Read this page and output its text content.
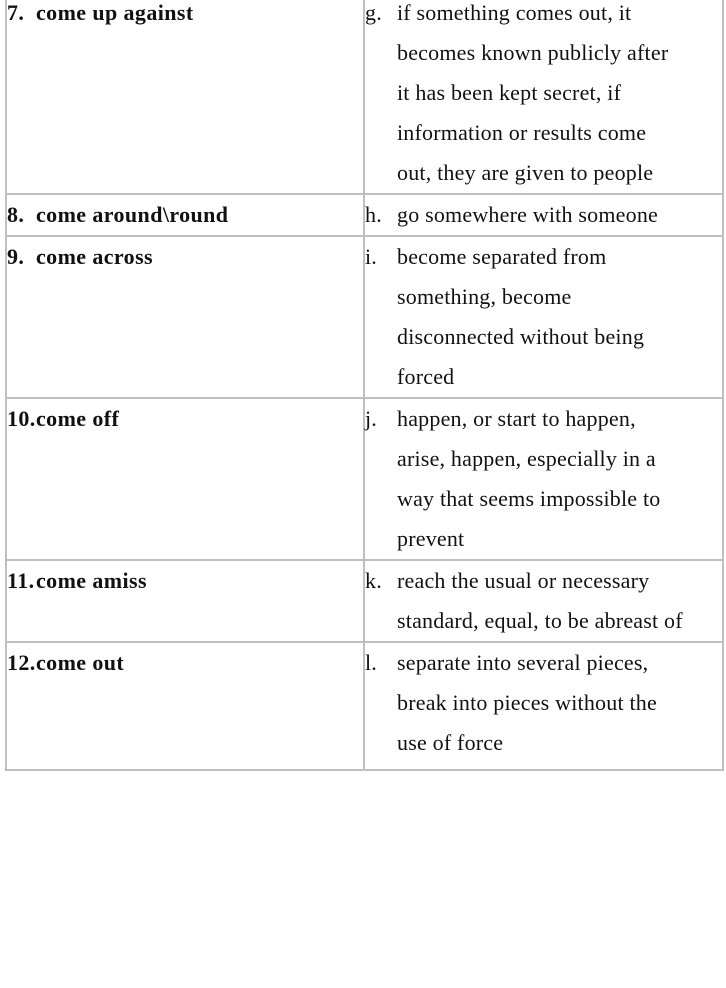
7. come up against	g. if something comes out, it
becomes known publicly after
it has been kept secret, if
information or results come
out, they are given to people

8. come around\round	h. go somewhere with someone

9. come across	i. become separated from
something, become
disconnected without being
forced

10.come off	j. happen, or start to happen,
arise, happen, especially in a
way that seems impossible to
prevent

11.come amiss	k. reach the usual or necessary
standard, equal, to be abreast of

12.come out	l. separate into several pieces,
break into pieces without the
use of force
